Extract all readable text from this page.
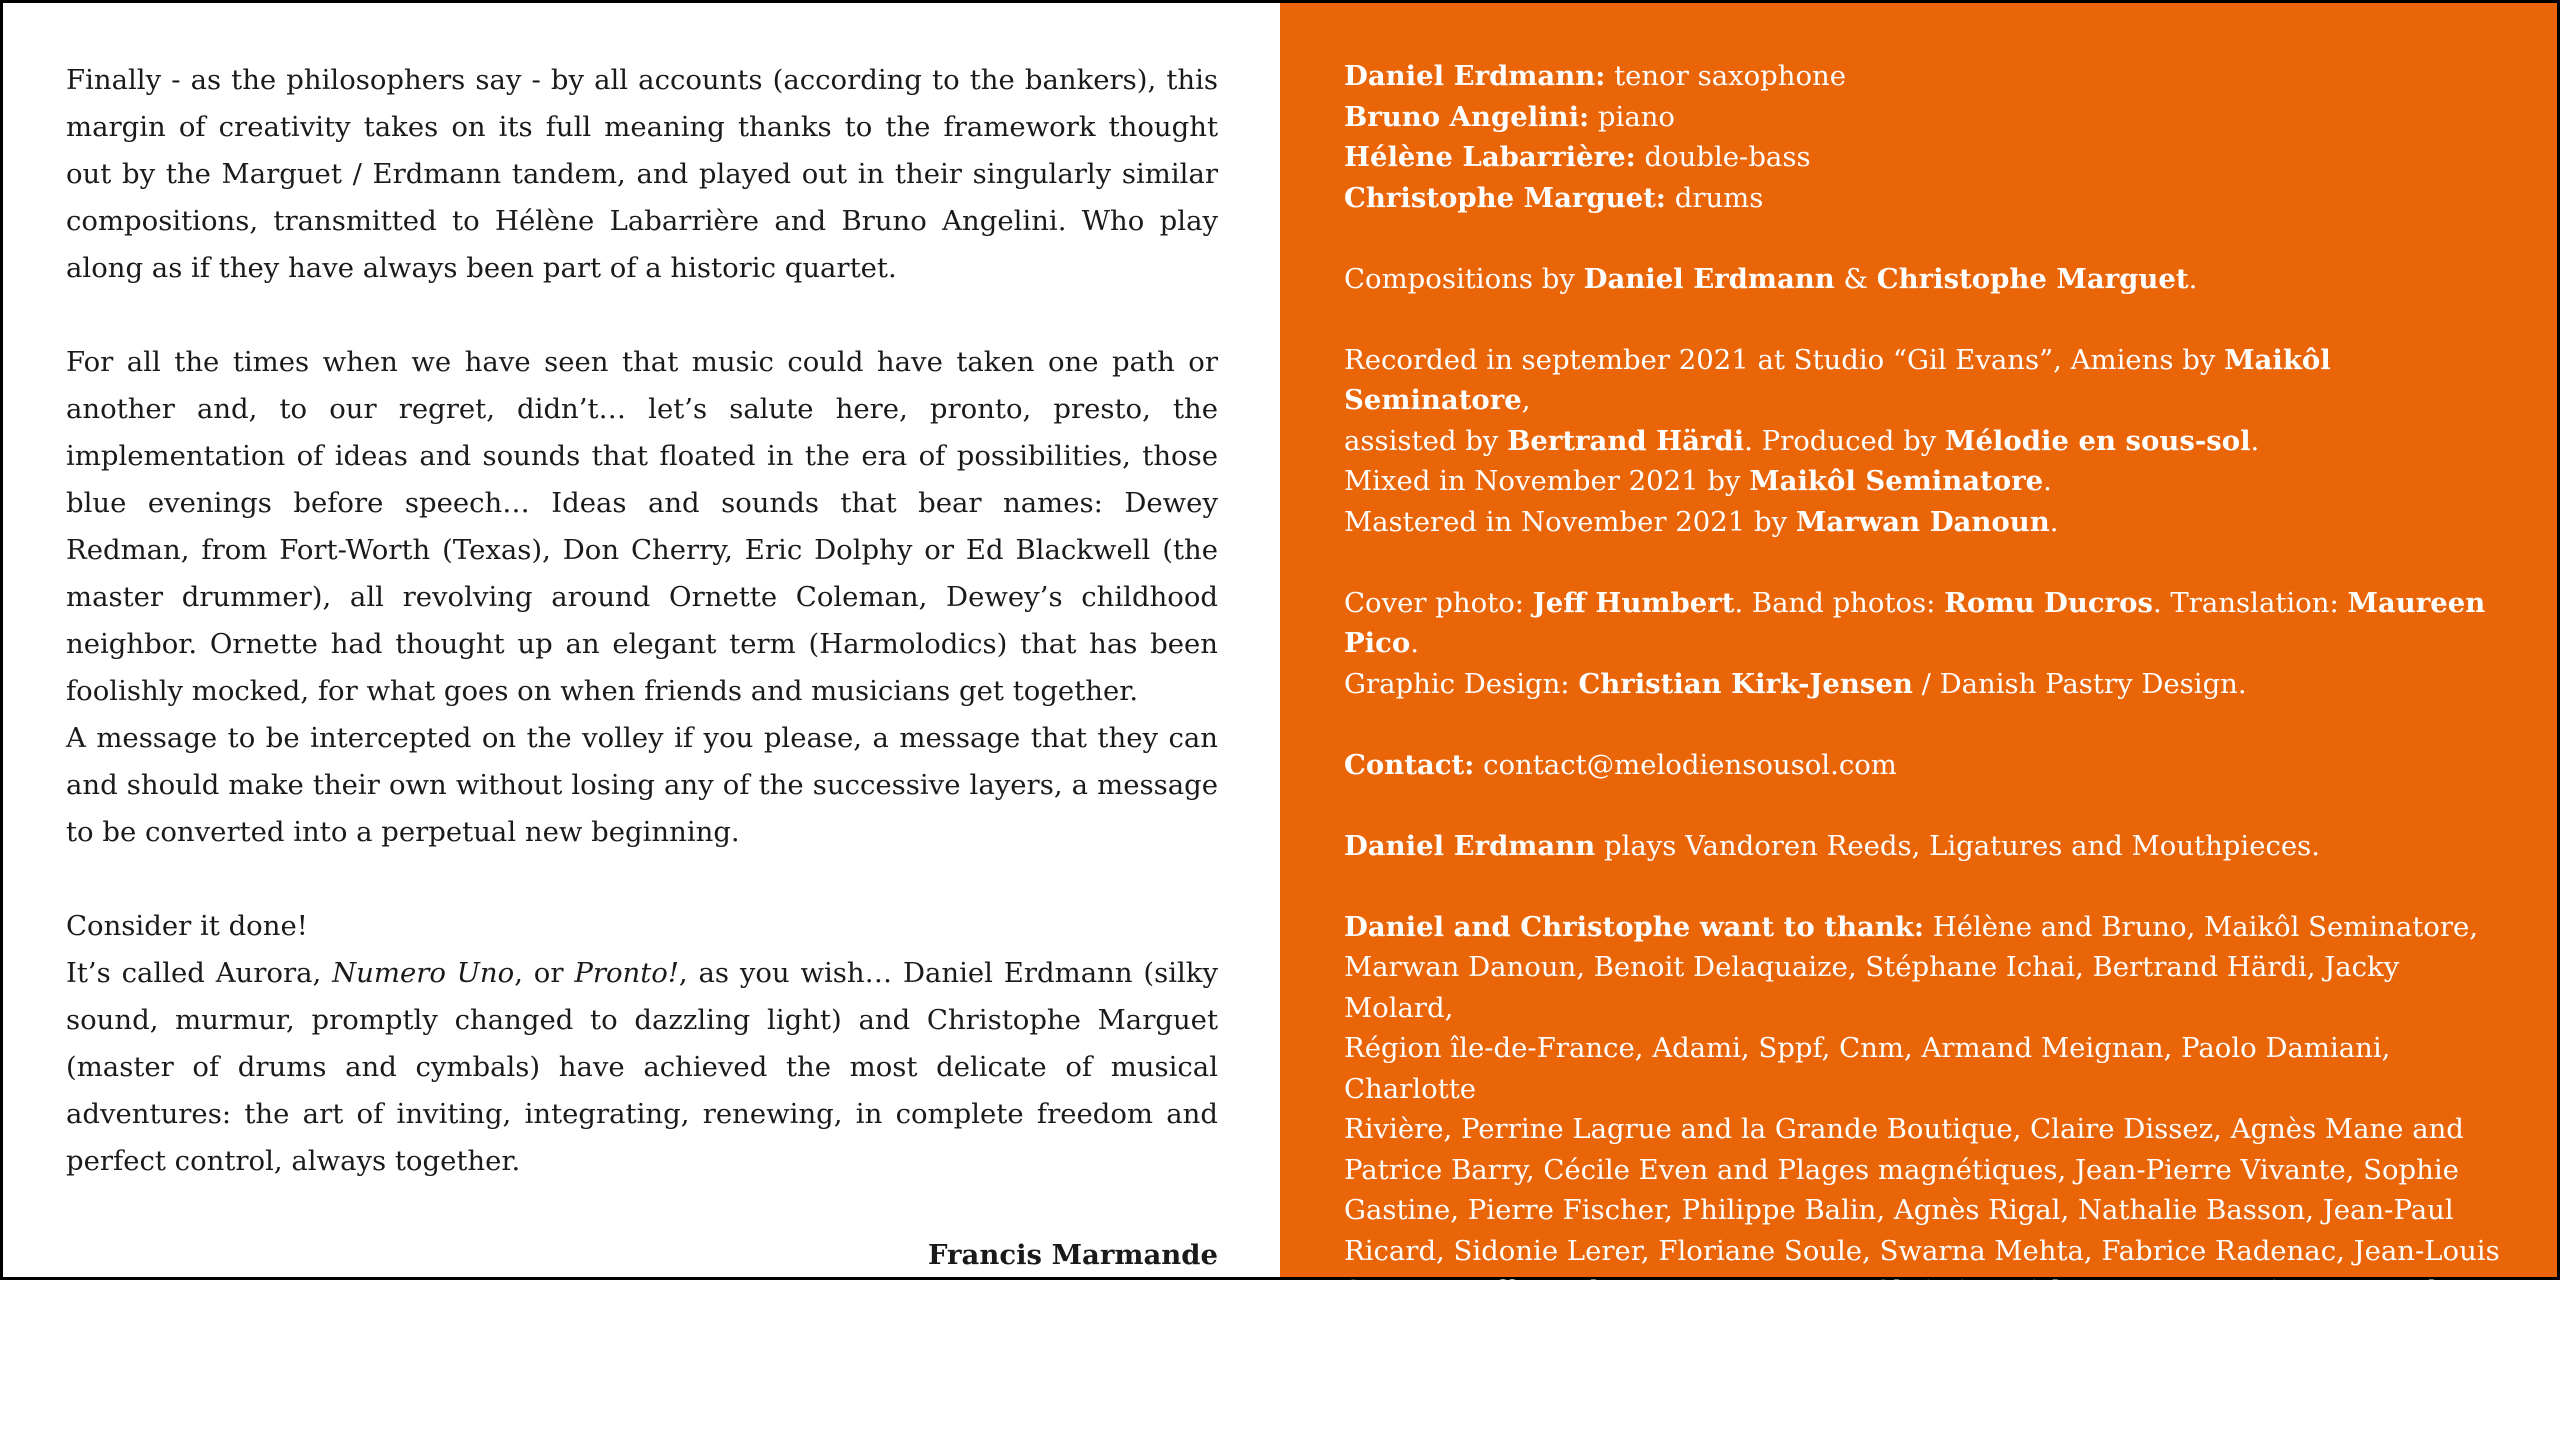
Finally - as the philosophers say - by all accounts (according to the bankers), this margin of creativity takes on its full meaning thanks to the framework thought out by the Marguet / Erdmann tandem, and played out in their singularly similar compositions, transmitted to Hélène Labarrière and Bruno Angelini. Who play along as if they have always been part of a historic quartet.

For all the times when we have seen that music could have taken one path or another and, to our regret, didn’t… let’s salute here, pronto, presto, the implementation of ideas and sounds that floated in the era of possibilities, those blue evenings before speech… Ideas and sounds that bear names: Dewey Redman, from Fort-Worth (Texas), Don Cherry, Eric Dolphy or Ed Blackwell (the master drummer), all revolving around Ornette Coleman, Dewey’s childhood neighbor. Ornette had thought up an elegant term (Harmolodics) that has been foolishly mocked, for what goes on when friends and musicians get together.

A message to be intercepted on the volley if you please, a message that they can and should make their own without losing any of the successive layers, a message to be converted into a perpetual new beginning.

Consider it done!

It’s called Aurora, Numero Uno, or Pronto!, as you wish… Daniel Erdmann (silky sound, murmur, promptly changed to dazzling light) and Christophe Marguet (master of drums and cymbals) have achieved the most delicate of musical adventures: the art of inviting, integrating, renewing, in complete freedom and perfect control, always together.

Francis Marmande

Daniel Erdmann: tenor saxophone

Bruno Angelini: piano

Hélène Labarrière: double-bass

Christophe Marguet: drums

Compositions by Daniel Erdmann & Christophe Marguet.

Recorded in september 2021 at Studio “Gil Evans”, Amiens by Maikôl Seminatore,

assisted by Bertrand Härdi. Produced by Mélodie en sous-sol.

Mixed in November 2021 by Maikôl Seminatore.

Mastered in November 2021 by Marwan Danoun.

Cover photo: Jeff Humbert. Band photos: Romu Ducros. Translation: Maureen Pico.

Graphic Design: Christian Kirk-Jensen / Danish Pastry Design.

Contact: contact@melodiensousol.com

Daniel Erdmann plays Vandoren Reeds, Ligatures and Mouthpieces.

Daniel and Christophe want to thank: Hélène and Bruno, Maikôl Seminatore,

Marwan Danoun, Benoit Delaquaize, Stéphane Ichai, Bertrand Härdi, Jacky Molard,

Région île-de-France, Adami, Sppf, Cnm, Armand Meignan, Paolo Damiani, Charlotte

Rivière, Perrine Lagrue and la Grande Boutique, Claire Dissez, Agnès Mane and

Patrice Barry, Cécile Even and Plages magnétiques, Jean-Pierre Vivante, Sophie

Gastine, Pierre Fischer, Philippe Balin, Agnès Rigal, Nathalie Basson, Jean-Paul

Ricard, Sidonie Lerer, Floriane Soule, Swarna Mehta, Fabrice Radenac, Jean-Louis

Serrato, Jeff Humbert, Romu Ducros, Christian Kirk-Jensen, Francis Marmande,

Maureen Pico, Luc Genetay, Dominique Abdesselam, Arnault Cuisinier, Olivier

Acosta, Éric Fery, Isabelle Marguet, Pascale Le Gros, Anne Monteillet, Rita Marcotulli.
